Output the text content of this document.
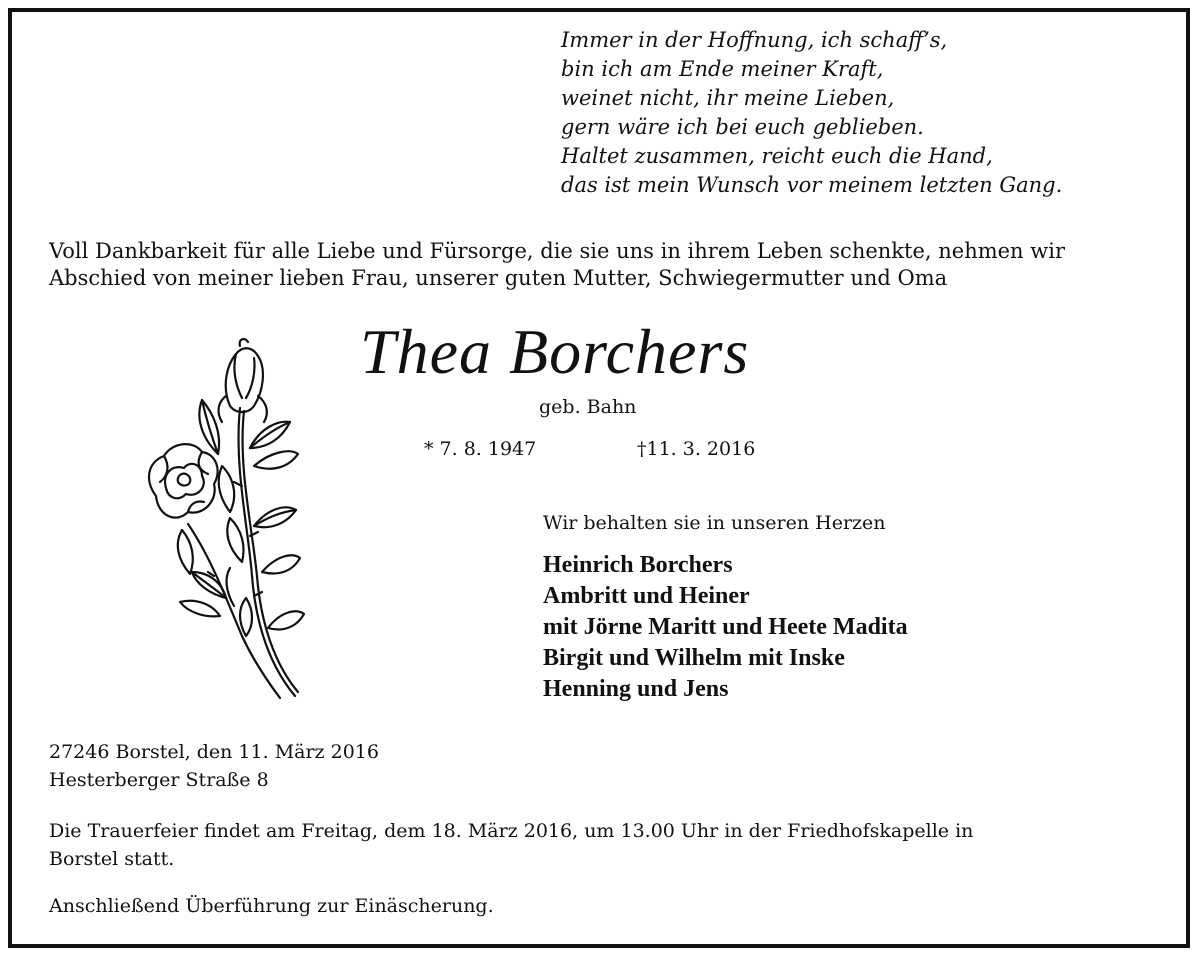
Immer in der Hoffnung, ich schaff’s,
bin ich am Ende meiner Kraft,
weinet nicht, ihr meine Lieben,
gern wäre ich bei euch geblieben.
Haltet zusammen, reicht euch die Hand,
das ist mein Wunsch vor meinem letzten Gang.
Voll Dankbarkeit für alle Liebe und Fürsorge, die sie uns in ihrem Leben schenkte, nehmen wir
Abschied von meiner lieben Frau, unserer guten Mutter, Schwiegermutter und Oma
Thea Borchers
geb. Bahn
* 7. 8. 1947	†11. 3. 2016
Wir behalten sie in unseren Herzen
Heinrich Borchers
Ambritt und Heiner
mit Jörne Maritt und Heete Madita
Birgit und Wilhelm mit Inske
Henning und Jens
27246 Borstel, den 11. März 2016
Hesterberger Straße 8
Die Trauerfeier findet am Freitag, dem 18. März 2016, um 13.00 Uhr in der Friedhofskapelle in
Borstel statt.
Anschließend Überführung zur Einäscherung.
